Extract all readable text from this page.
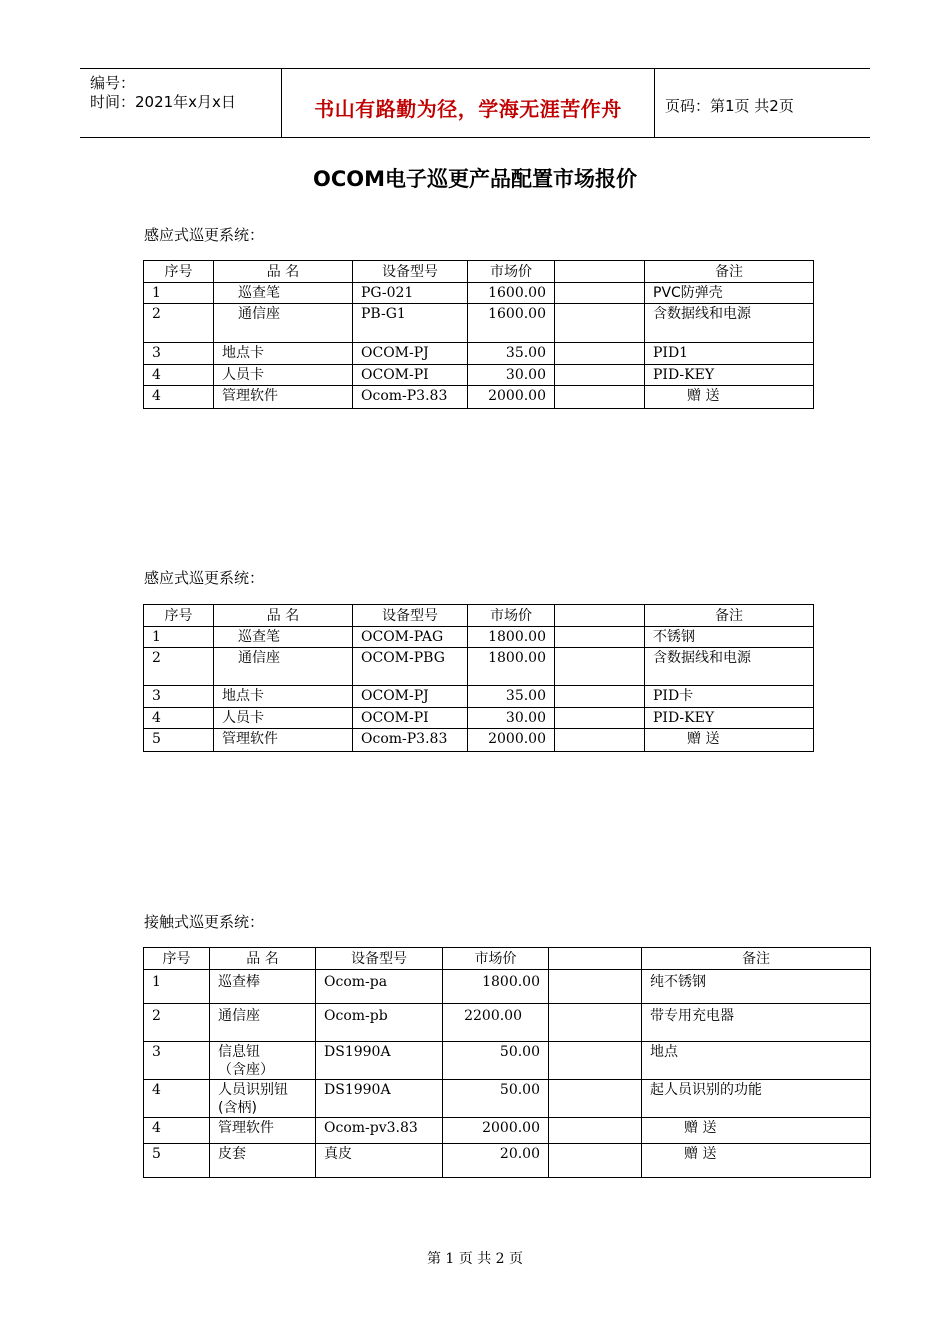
编号：
时间：2021年x月x日	书山有路勤为径，学海无涯苦作舟	页码：第1页 共2页
OCOM电子巡更产品配置市场报价
感应式巡更系统：
序号	品 名	设备型号	市场价		备注
1	巡查笔	PG-021	1600.00		PVC防弹壳
2	通信座	PB-G1	1600.00		含数据线和电源
3	地点卡	OCOM-PJ	35.00		PID1
4	人员卡	OCOM-PI	30.00		PID-KEY
4	管理软件	Ocom-P3.83	2000.00		赠 送
感应式巡更系统：
序号	品 名	设备型号	市场价		备注
1	巡查笔	OCOM-PAG	1800.00		不锈钢
2	通信座	OCOM-PBG	1800.00		含数据线和电源
3	地点卡	OCOM-PJ	35.00		PID卡
4	人员卡	OCOM-PI	30.00		PID-KEY
5	管理软件	Ocom-P3.83	2000.00		赠 送
接触式巡更系统：
序号	品 名	设备型号	市场价		备注
1	巡查棒	Ocom-pa	1800.00		纯不锈钢
2	通信座	Ocom-pb	2200.00		带专用充电器
3	信息钮
（含座）	DS1990A	50.00		地点
4	人员识别钮
(含柄)	DS1990A	50.00		起人员识别的功能
4	管理软件	Ocom-pv3.83	2000.00		赠 送
5	皮套	真皮	20.00		赠 送
第 1 页 共 2 页
